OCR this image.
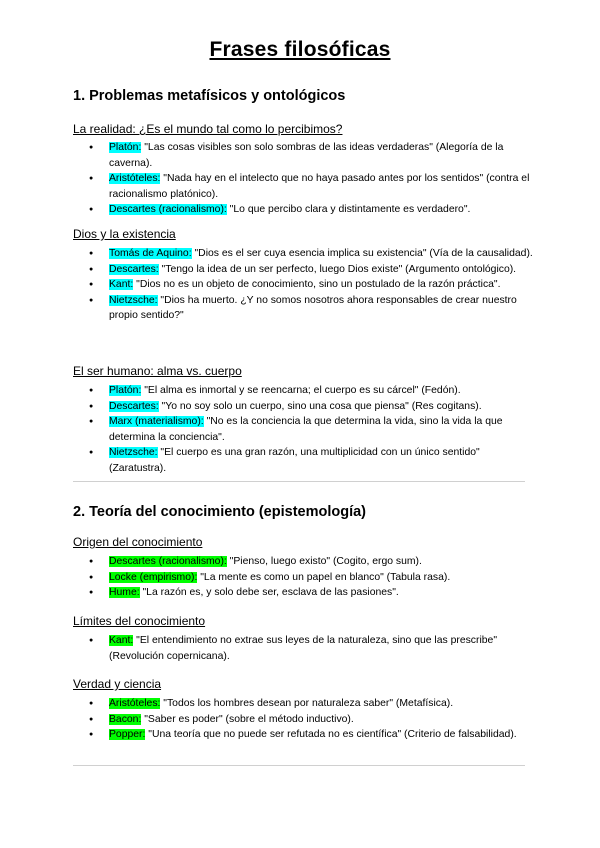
Frases filosóficas
1. Problemas metafísicos y ontológicos
La realidad: ¿Es el mundo tal como lo percibimos?
● Platón: "Las cosas visibles son solo sombras de las ideas verdaderas" (Alegoría de la caverna).
● Aristóteles: "Nada hay en el intelecto que no haya pasado antes por los sentidos" (contra el racionalismo platónico).
● Descartes (racionalismo): "Lo que percibo clara y distintamente es verdadero".
Dios y la existencia
● Tomás de Aquino: "Dios es el ser cuya esencia implica su existencia" (Vía de la causalidad).
● Descartes: "Tengo la idea de un ser perfecto, luego Dios existe" (Argumento ontológico).
● Kant: "Dios no es un objeto de conocimiento, sino un postulado de la razón práctica".
● Nietzsche: "Dios ha muerto. ¿Y no somos nosotros ahora responsables de crear nuestro propio sentido?"
El ser humano: alma vs. cuerpo
● Platón: "El alma es inmortal y se reencarna; el cuerpo es su cárcel" (Fedón).
● Descartes: "Yo no soy solo un cuerpo, sino una cosa que piensa" (Res cogitans).
● Marx (materialismo): "No es la conciencia la que determina la vida, sino la vida la que determina la conciencia".
● Nietzsche: "El cuerpo es una gran razón, una multiplicidad con un único sentido" (Zaratustra).
2. Teoría del conocimiento (epistemología)
Origen del conocimiento
● Descartes (racionalismo): "Pienso, luego existo" (Cogito, ergo sum).
● Locke (empirismo): "La mente es como un papel en blanco" (Tabula rasa).
● Hume: "La razón es, y solo debe ser, esclava de las pasiones".
Límites del conocimiento
● Kant: "El entendimiento no extrae sus leyes de la naturaleza, sino que las prescribe" (Revolución copernicana).
Verdad y ciencia
● Aristóteles: "Todos los hombres desean por naturaleza saber" (Metafísica).
● Bacon: "Saber es poder" (sobre el método inductivo).
● Popper: "Una teoría que no puede ser refutada no es científica" (Criterio de falsabilidad).
